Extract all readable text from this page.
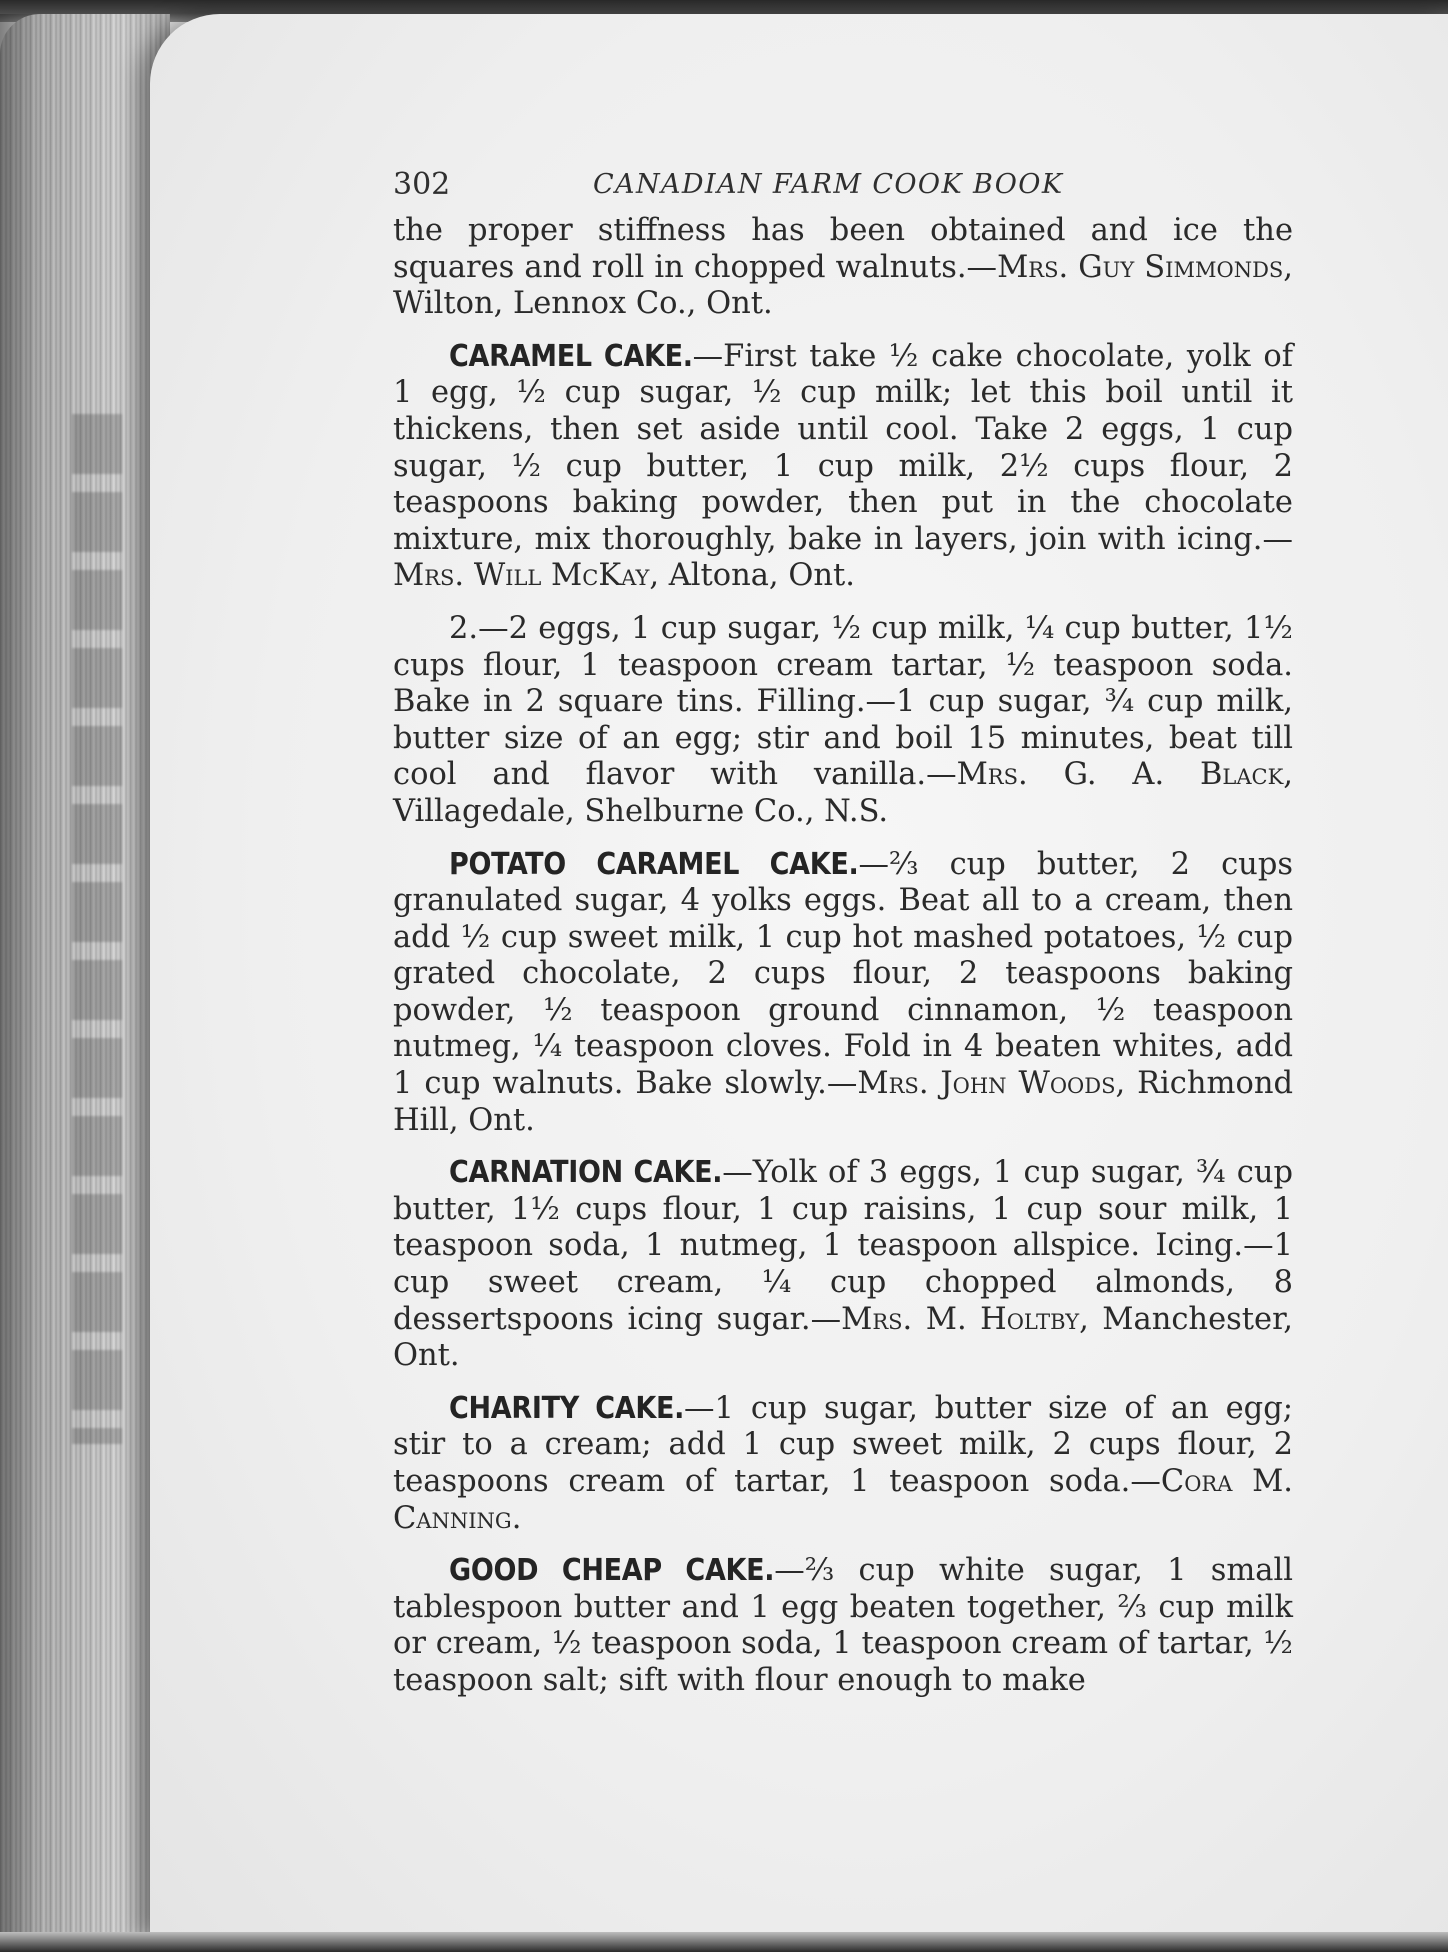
302	CANADIAN FARM COOK BOOK

the proper stiffness has been obtained and ice the squares and roll in chopped walnuts.—Mrs. Guy Simmonds, Wilton, Lennox Co., Ont.

CARAMEL CAKE.—First take ½ cake chocolate, yolk of 1 egg, ½ cup sugar, ½ cup milk; let this boil until it thickens, then set aside until cool. Take 2 eggs, 1 cup sugar, ½ cup butter, 1 cup milk, 2½ cups flour, 2 teaspoons baking powder, then put in the chocolate mixture, mix thoroughly, bake in layers, join with icing.—Mrs. Will McKay, Altona, Ont.

2.—2 eggs, 1 cup sugar, ½ cup milk, ¼ cup butter, 1½ cups flour, 1 teaspoon cream tartar, ½ teaspoon soda. Bake in 2 square tins. Filling.—1 cup sugar, ¾ cup milk, butter size of an egg; stir and boil 15 minutes, beat till cool and flavor with vanilla.—Mrs. G. A. Black, Villagedale, Shelburne Co., N.S.

POTATO CARAMEL CAKE.—⅔ cup butter, 2 cups granulated sugar, 4 yolks eggs. Beat all to a cream, then add ½ cup sweet milk, 1 cup hot mashed potatoes, ½ cup grated chocolate, 2 cups flour, 2 teaspoons baking powder, ½ teaspoon ground cinnamon, ½ teaspoon nutmeg, ¼ teaspoon cloves. Fold in 4 beaten whites, add 1 cup walnuts. Bake slowly.—Mrs. John Woods, Richmond Hill, Ont.

CARNATION CAKE.—Yolk of 3 eggs, 1 cup sugar, ¾ cup butter, 1½ cups flour, 1 cup raisins, 1 cup sour milk, 1 teaspoon soda, 1 nutmeg, 1 teaspoon allspice. Icing.—1 cup sweet cream, ¼ cup chopped almonds, 8 dessertspoons icing sugar.—Mrs. M. Holtby, Manchester, Ont.

CHARITY CAKE.—1 cup sugar, butter size of an egg; stir to a cream; add 1 cup sweet milk, 2 cups flour, 2 teaspoons cream of tartar, 1 teaspoon soda.—Cora M. Canning.

GOOD CHEAP CAKE.—⅔ cup white sugar, 1 small tablespoon butter and 1 egg beaten together, ⅔ cup milk or cream, ½ teaspoon soda, 1 teaspoon cream of tartar, ½ teaspoon salt; sift with flour enough to make
